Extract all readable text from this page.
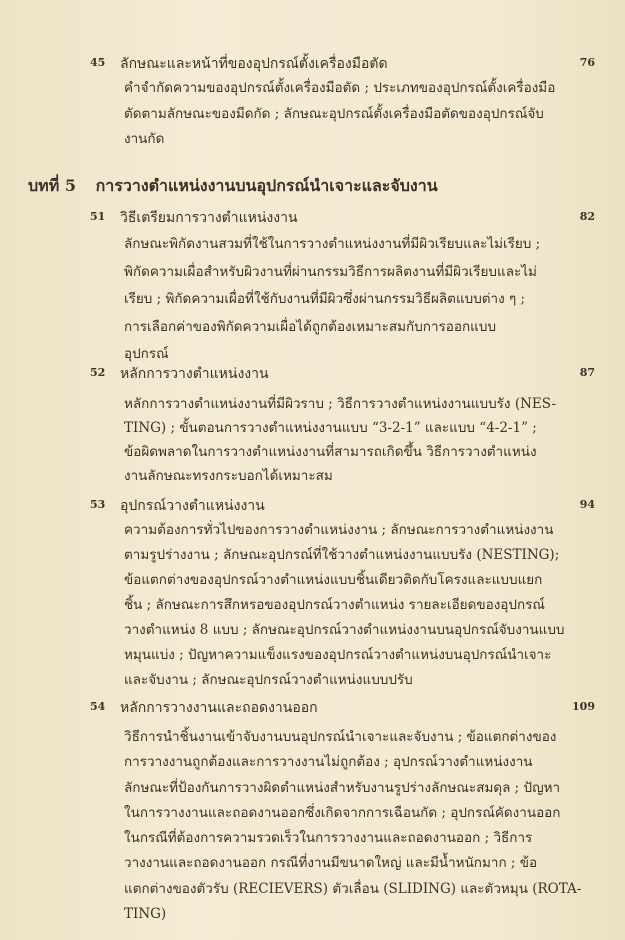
45 ลักษณะและหน้าที่ของอุปกรณ์ตั้งเครื่องมือตัด	76
คำจำกัดความของอุปกรณ์ตั้งเครื่องมือตัด ; ประเภทของอุปกรณ์ตั้งเครื่องมือ
ตัดตามลักษณะของมีดกัด ; ลักษณะอุปกรณ์ตั้งเครื่องมือตัดของอุปกรณ์จับ
งานกัด
บทที่ 5 การวางตำแหน่งงานบนอุปกรณ์นำเจาะและจับงาน
51 วิธีเตรียมการวางตำแหน่งงาน	82
ลักษณะพิกัดงานสวมที่ใช้ในการวางตำแหน่งงานที่มีผิวเรียบและไม่เรียบ ;
พิกัดความเผื่อสำหรับผิวงานที่ผ่านกรรมวิธีการผลิตงานที่มีผิวเรียบและไม่
เรียบ ; พิกัดความเผื่อที่ใช้กับงานที่มีผิวซึ่งผ่านกรรมวิธีผลิตแบบต่าง ๆ ;
การเลือกค่าของพิกัดความเผื่อได้ถูกต้องเหมาะสมกับการออกแบบ
อุปกรณ์
52 หลักการวางตำแหน่งงาน	87
หลักการวางตำแหน่งงานที่มีผิวราบ ; วิธีการวางตำแหน่งงานแบบรัง (NES-
TING) ; ขั้นตอนการวางตำแหน่งงานแบบ “3-2-1” และแบบ “4-2-1” ;
ข้อผิดพลาดในการวางตำแหน่งงานที่สามารถเกิดขึ้น วิธีการวางตำแหน่ง
งานลักษณะทรงกระบอกได้เหมาะสม
53 อุปกรณ์วางตำแหน่งงาน	94
ความต้องการทั่วไปของการวางตำแหน่งงาน ; ลักษณะการวางตำแหน่งงาน
ตามรูปร่างงาน ; ลักษณะอุปกรณ์ที่ใช้วางตำแหน่งงานแบบรัง (NESTING);
ข้อแตกต่างของอุปกรณ์วางตำแหน่งแบบชิ้นเดียวติดกับโครงและแบบแยก
ชิ้น ; ลักษณะการสึกหรอของอุปกรณ์วางตำแหน่ง รายละเอียดของอุปกรณ์
วางตำแหน่ง 8 แบบ ; ลักษณะอุปกรณ์วางตำแหน่งงานบนอุปกรณ์จับงานแบบ
หมุนแบ่ง ; ปัญหาความแข็งแรงของอุปกรณ์วางตำแหน่งบนอุปกรณ์นำเจาะ
และจับงาน ; ลักษณะอุปกรณ์วางตำแหน่งแบบปรับ
54 หลักการวางงานและถอดงานออก	109
วิธีการนำชิ้นงานเข้าจับงานบนอุปกรณ์นำเจาะและจับงาน ; ข้อแตกต่างของ
การวางงานถูกต้องและการวางงานไม่ถูกต้อง ; อุปกรณ์วางตำแหน่งงาน
ลักษณะที่ป้องกันการวางผิดตำแหน่งสำหรับงานรูปร่างลักษณะสมดุล ; ปัญหา
ในการวางงานและถอดงานออกซึ่งเกิดจากการเฉือนกัด ; อุปกรณ์คัดงานออก
ในกรณีที่ต้องการความรวดเร็วในการวางงานและถอดงานออก ; วิธีการ
วางงานและถอดงานออก กรณีที่งานมีขนาดใหญ่ และมีน้ำหนักมาก ; ข้อ
แตกต่างของตัวรับ (RECIEVERS) ตัวเลื่อน (SLIDING) และตัวหมุน (ROTA-
TING)
